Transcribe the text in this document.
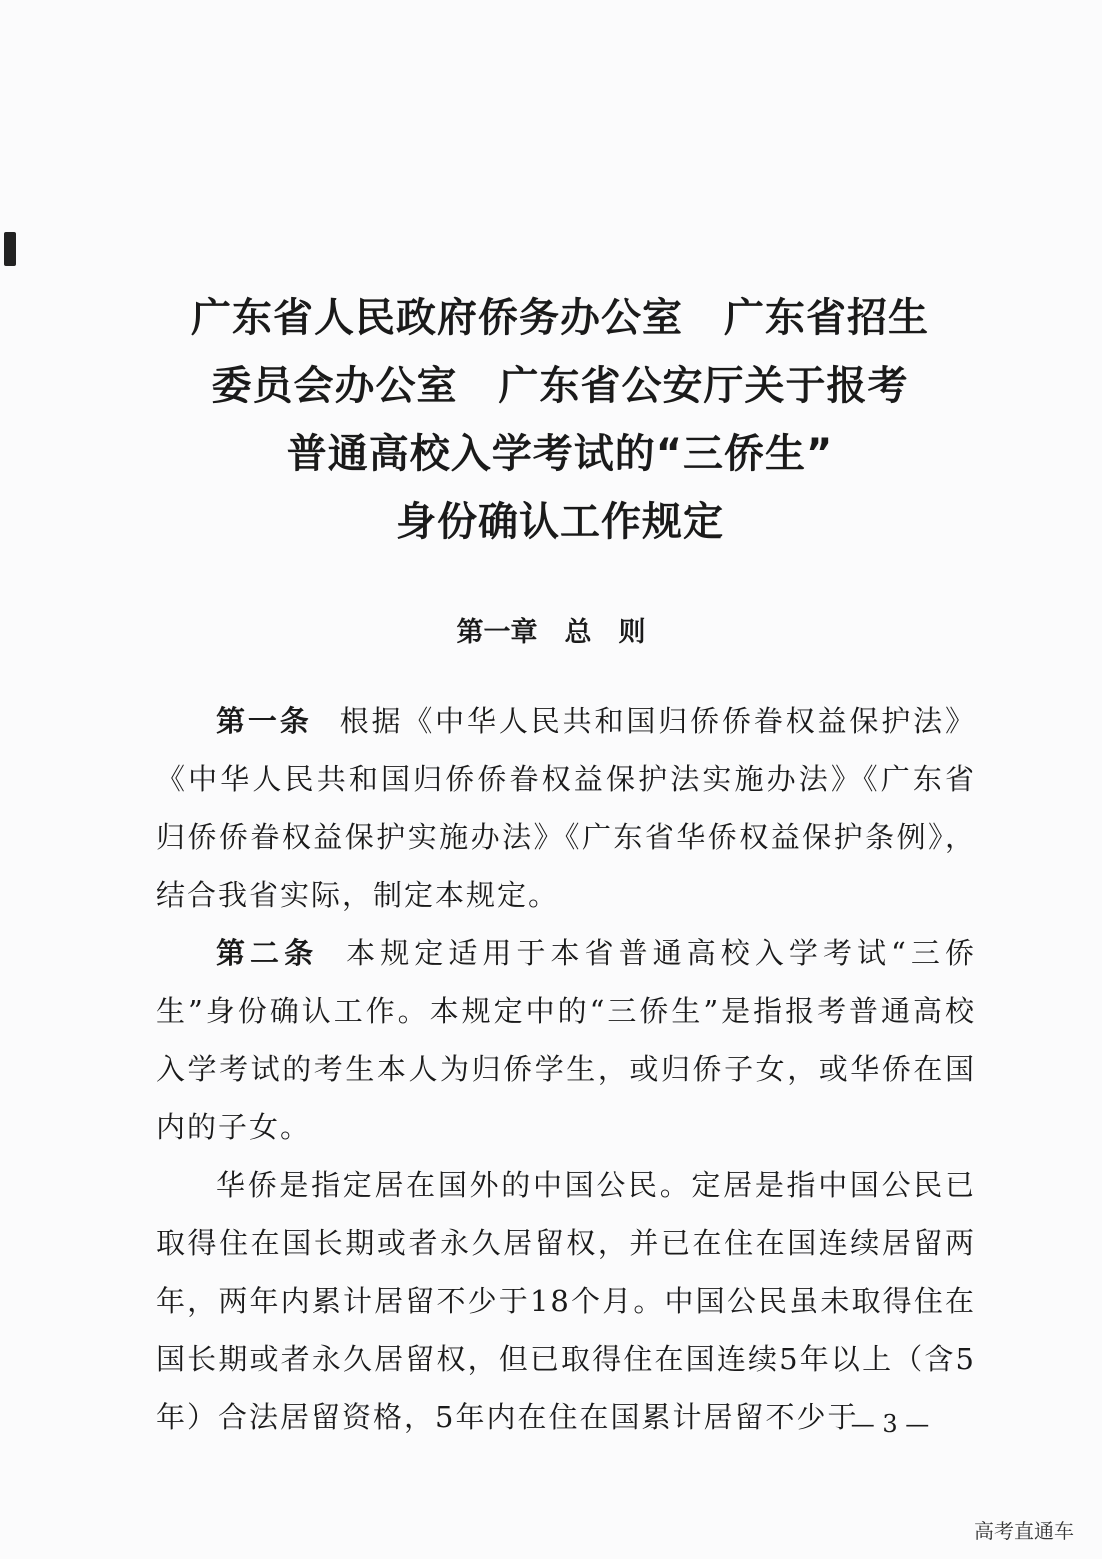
广东省人民政府侨务办公室　广东省招生
委员会办公室　广东省公安厅关于报考
普通高校入学考试的“三侨生”
身份确认工作规定
第一章　总　则

第一条 根据《中华人民共和国归侨侨眷权益保护法》《中华人民共和国归侨侨眷权益保护法实施办法》《广东省归侨侨眷权益保护实施办法》《广东省华侨权益保护条例》，结合我省实际，制定本规定。

第二条 本规定适用于本省普通高校入学考试“三侨生”身份确认工作。本规定中的“三侨生”是指报考普通高校入学考试的考生本人为归侨学生，或归侨子女，或华侨在国内的子女。

华侨是指定居在国外的中国公民。定居是指中国公民已取得住在国长期或者永久居留权，并已在住在国连续居留两年，两年内累计居留不少于18个月。中国公民虽未取得住在国长期或者永久居留权，但已取得住在国连续5年以上（含5年）合法居留资格，5年内在住在国累计居留不少于

— 3 —
高考直通车
